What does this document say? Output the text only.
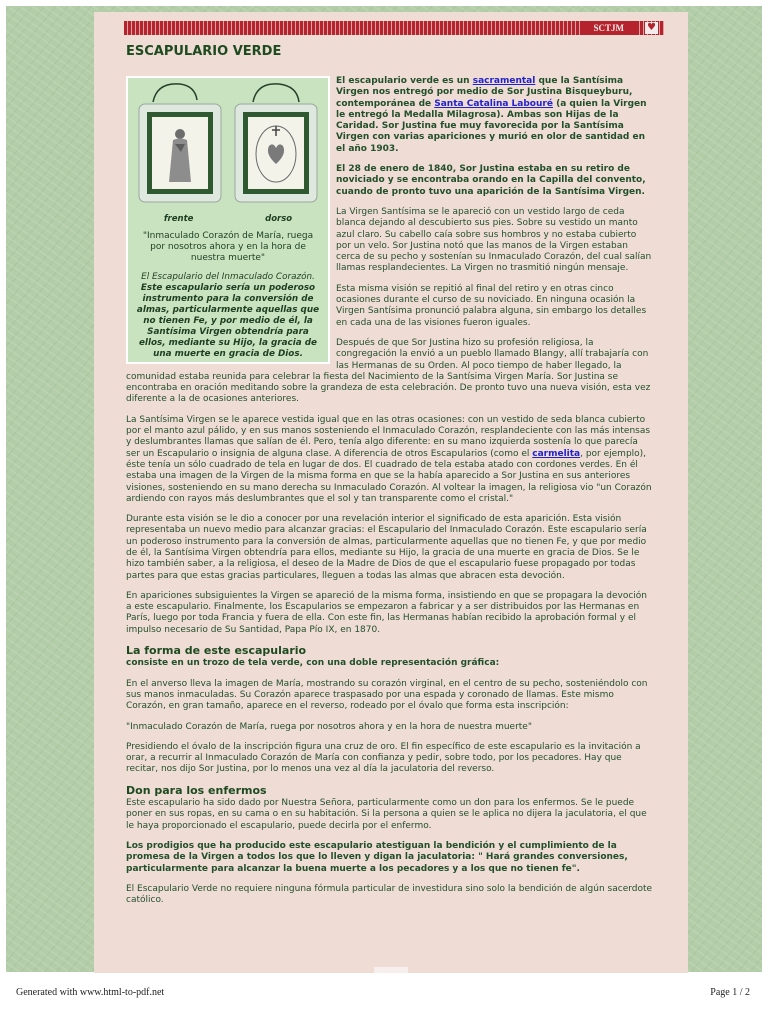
SCTJM	♥
ESCAPULARIO VERDE
frente	dorso
"Inmaculado Corazón de María, ruega por nosotros ahora y en la hora de nuestra muerte"
El Escapulario del Inmaculado Corazón. Este escapulario sería un poderoso instrumento para la conversión de almas, particularmente aquellas que no tienen Fe, y por medio de él, la Santísima Virgen obtendría para ellos, mediante su Hijo, la gracia de una muerte en gracia de Dios.

El escapulario verde es un sacramental que la Santísima Virgen nos entregó por medio de Sor Justina Bisqueyburu, contemporánea de Santa Catalina Labouré (a quien la Virgen le entregó la Medalla Milagrosa). Ambas son Hijas de la Caridad. Sor Justina fue muy favorecida por la Santísima Virgen con varias apariciones y murió en olor de santidad en el año 1903.

El 28 de enero de 1840, Sor Justina estaba en su retiro de noviciado y se encontraba orando en la Capilla del convento, cuando de pronto tuvo una aparición de la Santísima Virgen.

La Virgen Santísima se le apareció con un vestido largo de ceda blanca dejando al descubierto sus pies. Sobre su vestido un manto azul claro. Su cabello caía sobre sus hombros y no estaba cubierto por un velo. Sor Justina notó que las manos de la Virgen estaban cerca de su pecho y sostenían su Inmaculado Corazón, del cual salían llamas resplandecientes. La Virgen no trasmitió ningún mensaje.

Esta misma visión se repitió al final del retiro y en otras cinco ocasiones durante el curso de su noviciado. En ninguna ocasión la Virgen Santísima pronunció palabra alguna, sin embargo los detalles en cada una de las visiones fueron iguales.

Después de que Sor Justina hizo su profesión religiosa, la congregación la envió a un pueblo llamado Blangy, allí trabajaría con las Hermanas de su Orden. Al poco tiempo de haber llegado, la comunidad estaba reunida para celebrar la fiesta del Nacimiento de la Santísima Virgen María. Sor Justina se encontraba en oración meditando sobre la grandeza de esta celebración. De pronto tuvo una nueva visión, esta vez diferente a la de ocasiones anteriores.

La Santísima Virgen se le aparece vestida igual que en las otras ocasiones: con un vestido de seda blanca cubierto por el manto azul pálido, y en sus manos sosteniendo el Inmaculado Corazón, resplandeciente con las más intensas y deslumbrantes llamas que salían de él. Pero, tenía algo diferente: en su mano izquierda sostenía lo que parecía ser un Escapulario o insignia de alguna clase. A diferencia de otros Escapularios (como el carmelita, por ejemplo), éste tenía un sólo cuadrado de tela en lugar de dos. El cuadrado de tela estaba atado con cordones verdes. En él estaba una imagen de la Virgen de la misma forma en que se la había aparecido a Sor Justina en sus anteriores visiones, sosteniendo en su mano derecha su Inmaculado Corazón. Al voltear la imagen, la religiosa vio "un Corazón ardiendo con rayos más deslumbrantes que el sol y tan transparente como el cristal."

Durante esta visión se le dio a conocer por una revelación interior el significado de esta aparición. Esta visión representaba un nuevo medio para alcanzar gracias: el Escapulario del Inmaculado Corazón. Este escapulario sería un poderoso instrumento para la conversión de almas, particularmente aquellas que no tienen Fe, y que por medio de él, la Santísima Virgen obtendría para ellos, mediante su Hijo, la gracia de una muerte en gracia de Dios. Se le hizo también saber, a la religiosa, el deseo de la Madre de Dios de que el escapulario fuese propagado por todas partes para que estas gracias particulares, lleguen a todas las almas que abracen esta devoción.

En apariciones subsiguientes la Virgen se apareció de la misma forma, insistiendo en que se propagara la devoción a este escapulario. Finalmente, los Escapularios se empezaron a fabricar y a ser distribuidos por las Hermanas en París, luego por toda Francia y fuera de ella. Con este fin, las Hermanas habían recibido la aprobación formal y el impulso necesario de Su Santidad, Papa Pío IX, en 1870.

La forma de este escapulario

consiste en un trozo de tela verde, con una doble representación gráfica:

En el anverso lleva la imagen de María, mostrando su corazón virginal, en el centro de su pecho, sosteniéndolo con sus manos inmaculadas. Su Corazón aparece traspasado por una espada y coronado de llamas. Este mismo Corazón, en gran tamaño, aparece en el reverso, rodeado por el óvalo que forma esta inscripción:

"Inmaculado Corazón de María, ruega por nosotros ahora y en la hora de nuestra muerte"

Presidiendo el óvalo de la inscripción figura una cruz de oro. El fin específico de este escapulario es la invitación a orar, a recurrir al Inmaculado Corazón de María con confianza y pedir, sobre todo, por los pecadores. Hay que recitar, nos dijo Sor Justina, por lo menos una vez al día la jaculatoria del reverso.

Don para los enfermos

Este escapulario ha sido dado por Nuestra Señora, particularmente como un don para los enfermos. Se le puede poner en sus ropas, en su cama o en su habitación. Si la persona a quien se le aplica no dijera la jaculatoria, el que le haya proporcionado el escapulario, puede decirla por el enfermo.

Los prodigios que ha producido este escapulario atestiguan la bendición y el cumplimiento de la promesa de la Virgen a todos los que lo lleven y digan la jaculatoria: " Hará grandes conversiones, particularmente para alcanzar la buena muerte a los pecadores y a los que no tienen fe".

El Escapulario Verde no requiere ninguna fórmula particular de investidura sino solo la bendición de algún sacerdote católico.

Generated with www.html-to-pdf.net	Page 1 / 2
